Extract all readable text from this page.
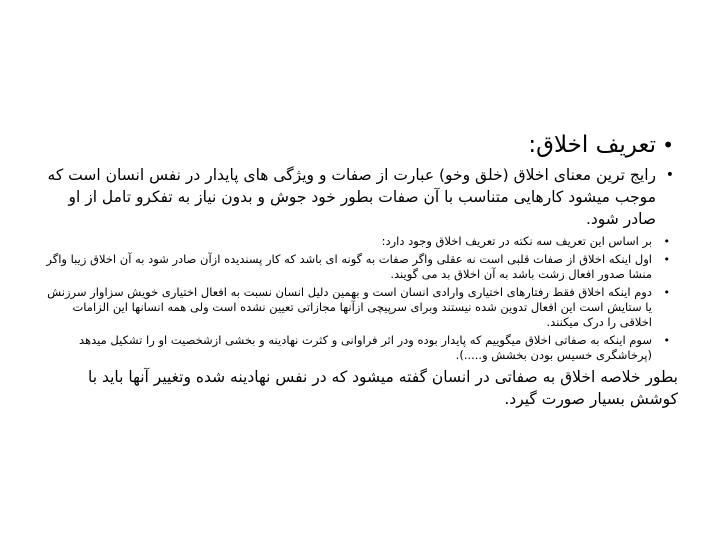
•
تعریف اخلاق:

•
رایج ترین معنای اخلاق (خلق وخو) عبارت از صفات و ویژگی های پایدار در نفس انسان است که موجب میشود کارهایی متناسب با آن صفات بطور خود جوش و بدون نیاز به تفکرو تامل از او صادر شود.

•
بر اساس این تعریف سه نکته در تعریف اخلاق وجود دارد:

•
اول اینکه اخلاق از صفات قلبی است نه عقلی واگر صفات به گونه ای باشد که کار پسندیده ازآن صادر شود به آن اخلاق زیبا واگر منشا صدور افعال زشت باشد به آن اخلاق بد می گویند.

•
دوم اینکه اخلاق فقط رفتارهای اختیاری وارادی انسان است و بهمین دلیل انسان نسبت به افعال اختیاری خویش سزاوار سرزنش یا ستایش است این افعال تدوین شده نیستند وبرای سرپیچی ازآنها مجازاتی تعیین نشده است ولی همه انسانها این الزامات اخلاقی را درک میکنند.

•
سوم اینکه به صفاتی اخلاق میگوییم که پایدار بوده ودر اثر فراوانی و کثرت نهادینه و بخشی ازشخصیت او را تشکیل میدهد (پرخاشگری خسیس بودن بخشش و.....).

بطور خلاصه اخلاق به صفاتی در انسان گفته میشود که در نفس نهادینه شده وتغییر آنها باید با کوشش بسیار صورت گیرد.
